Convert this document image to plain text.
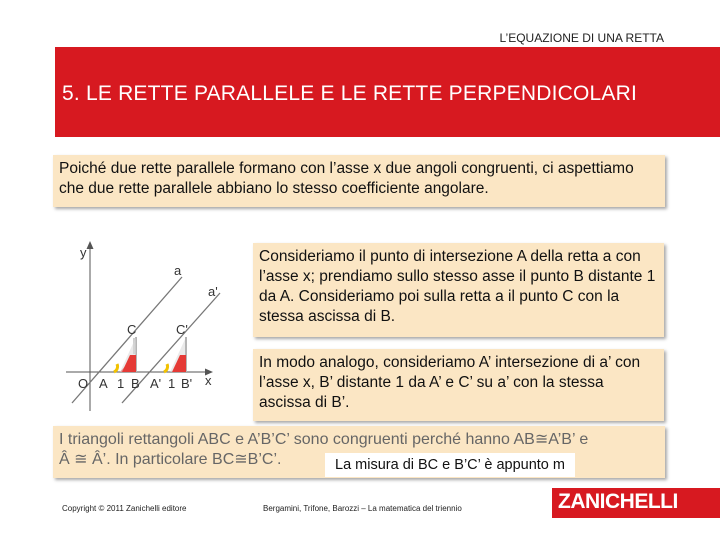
L’EQUAZIONE DI UNA RETTA
5. LE RETTE PARALLELE E LE RETTE PERPENDICOLARI
Poiché due rette parallele formano con l’asse x due angoli congruenti, ci aspettiamo che due rette parallele abbiano lo stesso coefficiente angolare.
y
x
a
a'
C	C'
O A 1 B A' 1 B'
Consideriamo il punto di intersezione A della retta a con l’asse x; prendiamo sullo stesso asse il punto B distante 1 da A. Consideriamo poi sulla retta a il punto C con la stessa ascissa di B.
In modo analogo, consideriamo A’ intersezione di a’ con l’asse x, B’ distante 1 da A’ e C’ su a’ con la stessa ascissa di B’.
I triangoli rettangoli ABC e A’B’C’ sono congruenti perché hanno AB≅A’B’ e
Â ≅ Â’. In particolare BC≅B’C’.	La misura di BC e B’C’ è appunto m
Copyright © 2011 Zanichelli editore	Bergamini, Trifone, Barozzi – La matematica del triennio	ZANICHELLI
